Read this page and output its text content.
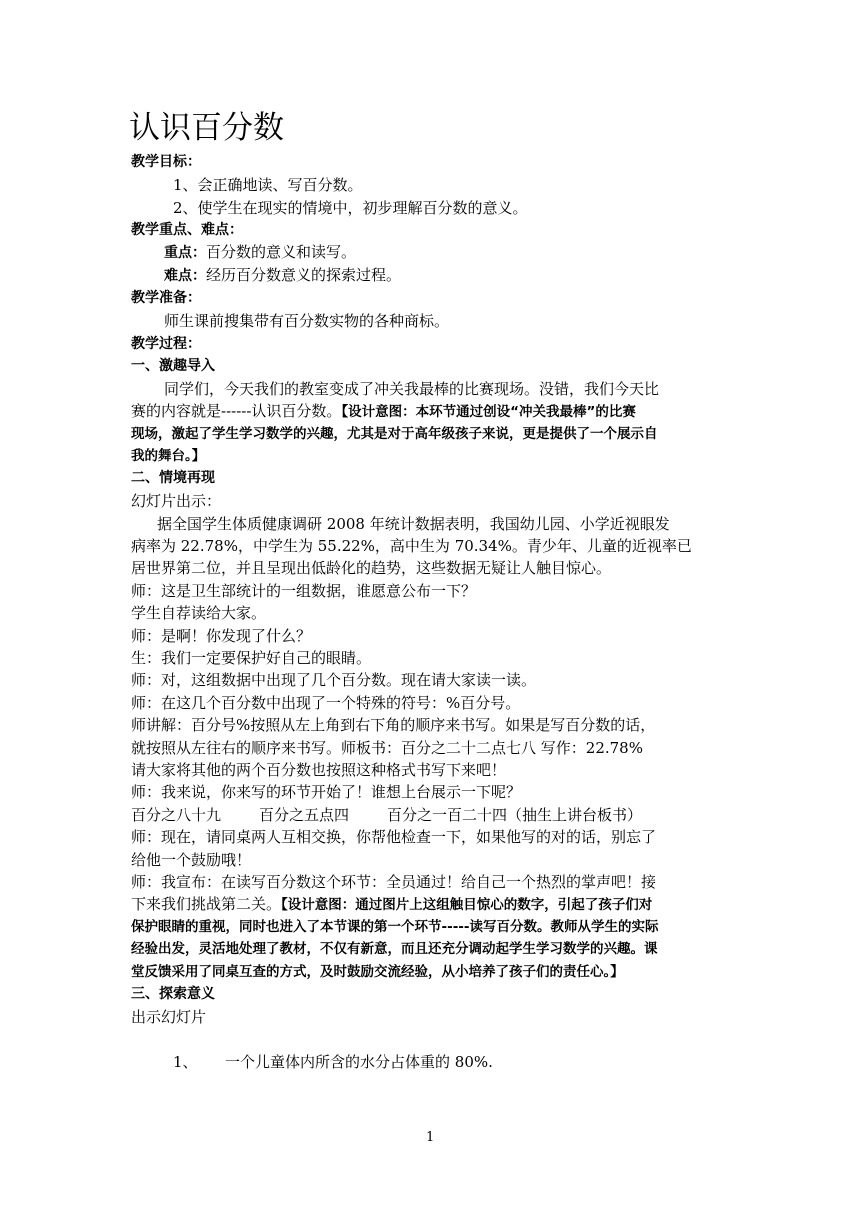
认识百分数
教学目标：
1、会正确地读、写百分数。
2、使学生在现实的情境中，初步理解百分数的意义。
教学重点、难点：
重点：百分数的意义和读写。
难点：经历百分数意义的探索过程。
教学准备：
师生课前搜集带有百分数实物的各种商标。
教学过程：
一、激趣导入
同学们，今天我们的教室变成了冲关我最棒的比赛现场。没错，我们今天比
赛的内容就是------认识百分数。【设计意图：本环节通过创设“冲关我最棒”的比赛
现场，激起了学生学习数学的兴趣，尤其是对于高年级孩子来说，更是提供了一个展示自
我的舞台。】
二、情境再现
幻灯片出示：
据全国学生体质健康调研 2008 年统计数据表明，我国幼儿园、小学近视眼发
病率为 22.78%，中学生为 55.22%，高中生为 70.34%。青少年、儿童的近视率已
居世界第二位，并且呈现出低龄化的趋势，这些数据无疑让人触目惊心。
师：这是卫生部统计的一组数据，谁愿意公布一下？
学生自荐读给大家。
师：是啊！你发现了什么？
生：我们一定要保护好自己的眼睛。
师：对，这组数据中出现了几个百分数。现在请大家读一读。
师：在这几个百分数中出现了一个特殊的符号：%百分号。
师讲解：百分号%按照从左上角到右下角的顺序来书写。如果是写百分数的话，
就按照从左往右的顺序来书写。师板书：百分之二十二点七八 写作：22.78%
请大家将其他的两个百分数也按照这种格式书写下来吧！
师：我来说，你来写的环节开始了！谁想上台展示一下呢？
百分之八十九	百分之五点四	百分之一百二十四（抽生上讲台板书）
师：现在，请同桌两人互相交换，你帮他检查一下，如果他写的对的话，别忘了
给他一个鼓励哦！
师：我宣布：在读写百分数这个环节：全员通过！给自己一个热烈的掌声吧！接
下来我们挑战第二关。【设计意图：通过图片上这组触目惊心的数字，引起了孩子们对
保护眼睛的重视，同时也进入了本节课的第一个环节-----读写百分数。教师从学生的实际
经验出发，灵活地处理了教材，不仅有新意，而且还充分调动起学生学习数学的兴趣。课
堂反馈采用了同桌互查的方式，及时鼓励交流经验，从小培养了孩子们的责任心。】
三、探索意义
出示幻灯片
1、 一个儿童体内所含的水分占体重的 80%.
1
